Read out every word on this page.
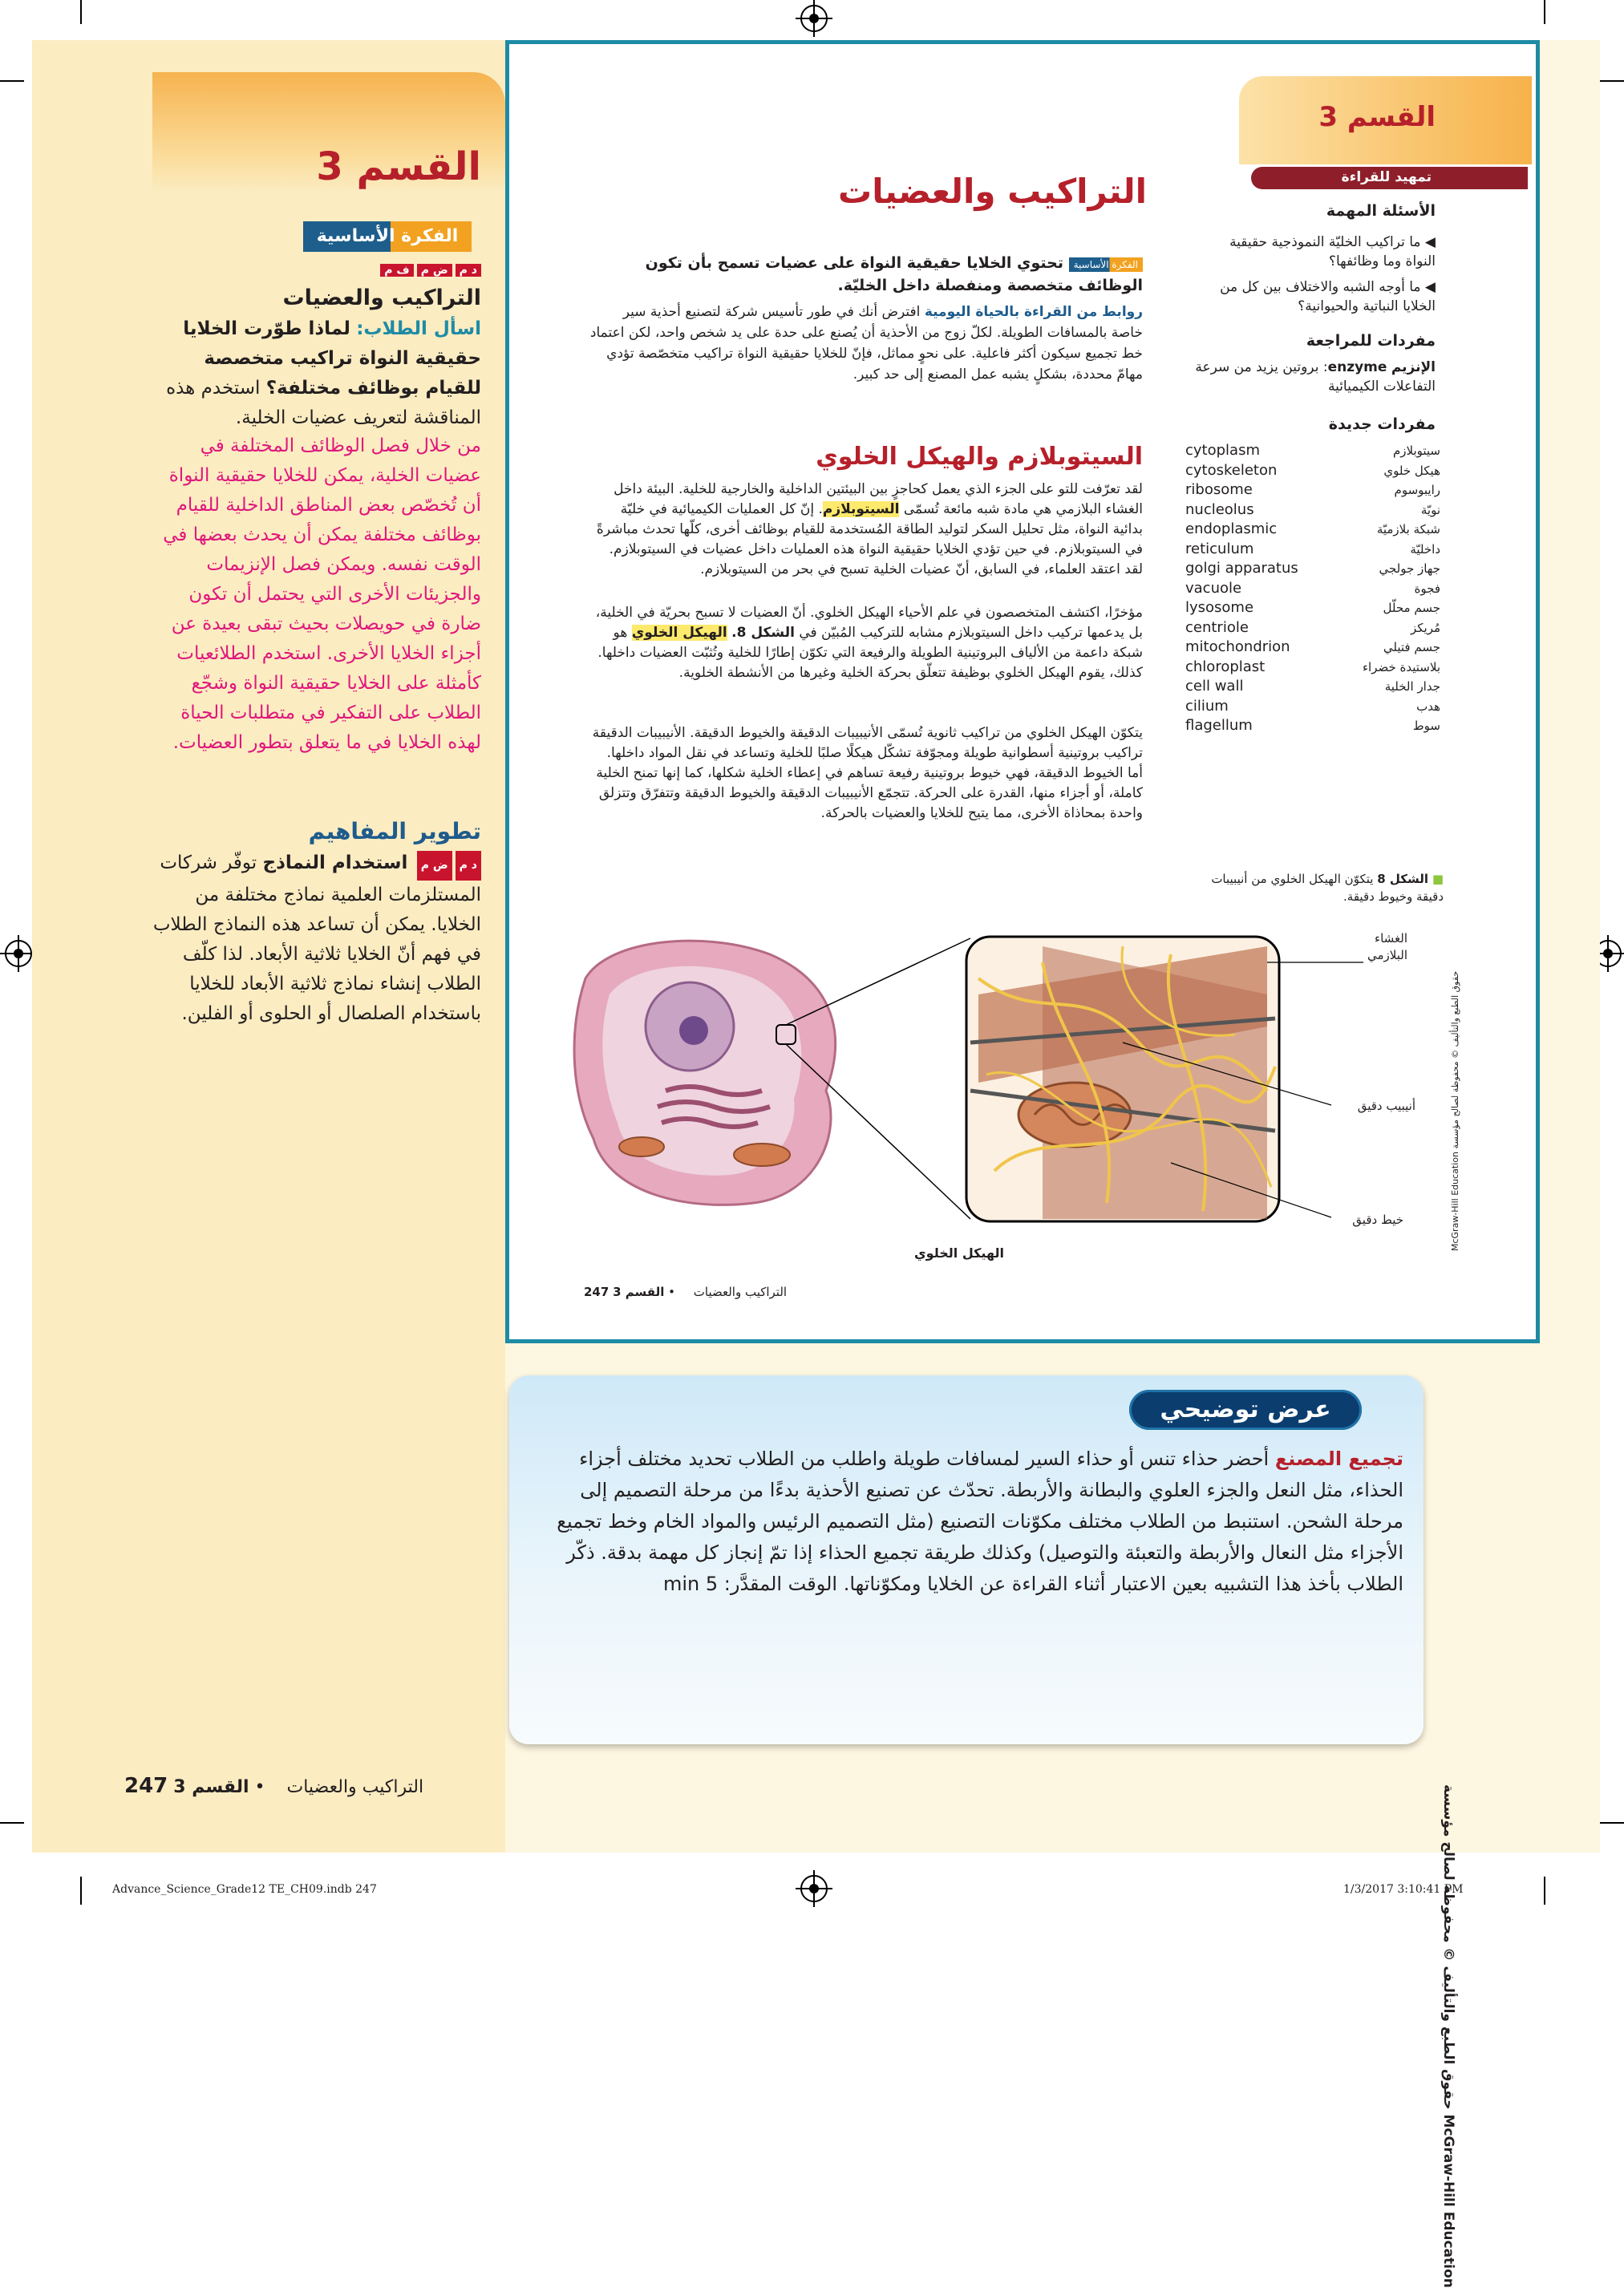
القسم 3
الفكرة الأساسية
د مض مف م
التراكيب والعضيات
اسأل الطلاب: لماذا طوّرت الخلايا حقيقية النواة تراكيب متخصصة للقيام بوظائف مختلفة؟ استخدم هذه المناقشة لتعريف عضيات الخلية.
من خلال فصل الوظائف المختلفة في عضيات الخلية، يمكن للخلايا حقيقية النواة أن تُخصّص بعض المناطق الداخلية للقيام بوظائف مختلفة يمكن أن يحدث بعضها في الوقت نفسه. ويمكن فصل الإنزيمات والجزيئات الأخرى التي يحتمل أن تكون ضارة في حويصلات بحيث تبقى بعيدة عن أجزاء الخلايا الأخرى. استخدم الطلائعيات كأمثلة على الخلايا حقيقية النواة وشجّع الطلاب على التفكير في متطلبات الحياة لهذه الخلايا في ما يتعلق بتطور العضيات.
تطوير المفاهيم
د مض م استخدام النماذج توفّر شركات المستلزمات العلمية نماذج مختلفة من الخلايا. يمكن أن تساعد هذه النماذج الطلاب في فهم أنّ الخلايا ثلاثية الأبعاد. لذا كلّف الطلاب إنشاء نماذج ثلاثية الأبعاد للخلايا باستخدام الصلصال أو الحلوى أو الفلين.
247	التراكيب والعضيات • القسم 3
القسم 3
تمهيد للقراءة
الأسئلة المهمة
◀ ما تراكيب الخليّة النموذجية حقيقية النواة وما وظائفها؟
◀ ما أوجه الشبه والاختلاف بين كل من الخلايا النباتية والحيوانية؟
مفردات للمراجعة
الإنزيم enzyme: بروتين يزيد من سرعة التفاعلات الكيميائية
مفردات جديدة
cytoplasm	سيتوبلازم
cytoskeleton	هيكل خلوي
ribosome	رايبوسوم
nucleolus	نويّة
endoplasmic reticulum
شبكة بلازميّة داخليّة
golgi apparatus	جهاز جولجي
vacuole	فجوة
lysosome	جسم محلّل
centriole	مُريكز
mitochondrion	جسم فتيلي
chloroplast	بلاستيدة خضراء
cell wall	جدار الخلية
cilium	هدب
flagellum	سوط
التراكيب والعضيات
الفكرة الأساسية تحتوي الخلايا حقيقية النواة على عضيات تسمح بأن تكون الوظائف متخصصة ومنفصلة داخل الخليّة.
روابط من القراءة بالحياة اليومية افترض أنك في طور تأسيس شركة لتصنيع أحذية سير خاصة بالمسافات الطويلة. لكلّ زوج من الأحذية أن يُصنع على حدة على يد شخص واحد، لكن اعتماد خط تجميع سيكون أكثر فاعلية. على نحوٍ مماثل، فإنّ للخلايا حقيقية النواة تراكيب متخصّصة تؤدي مهامّ محددة، بشكلٍ يشبه عمل المصنع إلى حد كبير.
السيتوبلازم والهيكل الخلوي
لقد تعرّفت للتو على الجزء الذي يعمل كحاجزٍ بين البيئتين الداخلية والخارجية للخلية. البيئة داخل الغشاء البلازمي هي مادة شبه مائعة تُسمّى السيتوبلازم. إنّ كل العمليات الكيميائية في خليّة بدائية النواة، مثل تحليل السكر لتوليد الطاقة المُستخدمة للقيام بوظائف أخرى، كلّها تحدث مباشرةً في السيتوبلازم. في حين تؤدي الخلايا حقيقية النواة هذه العمليات داخل عضيات في السيتوبلازم. لقد اعتقد العلماء، في السابق، أنّ عضيات الخلية تسبح في بحر من السيتوبلازم.
مؤخرًا، اكتشف المتخصصون في علم الأحياء الهيكل الخلوي. أنّ العضيات لا تسبح بحريّة في الخلية، بل يدعمها تركيب داخل السيتوبلازم مشابه للتركيب المُبيّن في الشكل 8. الهيكل الخلوي هو شبكة داعمة من الألياف البروتينية الطويلة والرفيعة التي تكوّن إطارًا للخلية وتُثبّت العضيات داخلها. كذلك، يقوم الهيكل الخلوي بوظيفة تتعلّق بحركة الخلية وغيرها من الأنشطة الخلوية.
يتكوّن الهيكل الخلوي من تراكيب ثانوية تُسمّى الأنيبيبات الدقيقة والخيوط الدقيقة. الأنيبيبات الدقيقة تراكيب بروتينية أسطوانية طويلة ومجوّفة تشكّل هيكلًا صلبًا للخلية وتساعد في نقل المواد داخلها. أما الخيوط الدقيقة، فهي خيوط بروتينية رفيعة تساهم في إعطاء الخلية شكلها، كما إنها تمنح الخلية كاملة، أو أجزاء منها، القدرة على الحركة. تتجمّع الأنيبيبات الدقيقة والخيوط الدقيقة وتتفرّق وتتزلق واحدة بمحاذاة الأخرى، مما يتيح للخلايا والعضيات بالحركة.
■ الشكل 8 يتكوّن الهيكل الخلوي من أنيبيبات دقيقة وخيوط دقيقة.
الغشاء البلازمي
أنيبيب دقيق
خيط دقيق
الهيكل الخلوي
247	التراكيب والعضيات • القسم 3
McGraw-Hill Education حقوق الطبع والتأليف © محفوظة لصالح مؤسسة
عرض توضيحي
تجميع المصنع أحضر حذاء تنس أو حذاء السير لمسافات طويلة واطلب من الطلاب تحديد مختلف أجزاء الحذاء، مثل النعل والجزء العلوي والبطانة والأربطة. تحدّث عن تصنيع الأحذية بدءًا من مرحلة التصميم إلى مرحلة الشحن. استنبط من الطلاب مختلف مكوّنات التصنيع (مثل التصميم الرئيس والمواد الخام وخط تجميع الأجزاء مثل النعال والأربطة والتعبئة والتوصيل) وكذلك طريقة تجميع الحذاء إذا تمّ إنجاز كل مهمة بدقة. ذكّر الطلاب بأخذ هذا التشبيه بعين الاعتبار أثناء القراءة عن الخلايا ومكوّناتها. الوقت المقدَّر: 5 min
حقوق الطبع والتأليف © محفوظة لصالح مؤسسة McGraw-Hill Education
Advance_Science_Grade12 TE_CH09.indb 247	1/3/2017 3:10:41 PM
